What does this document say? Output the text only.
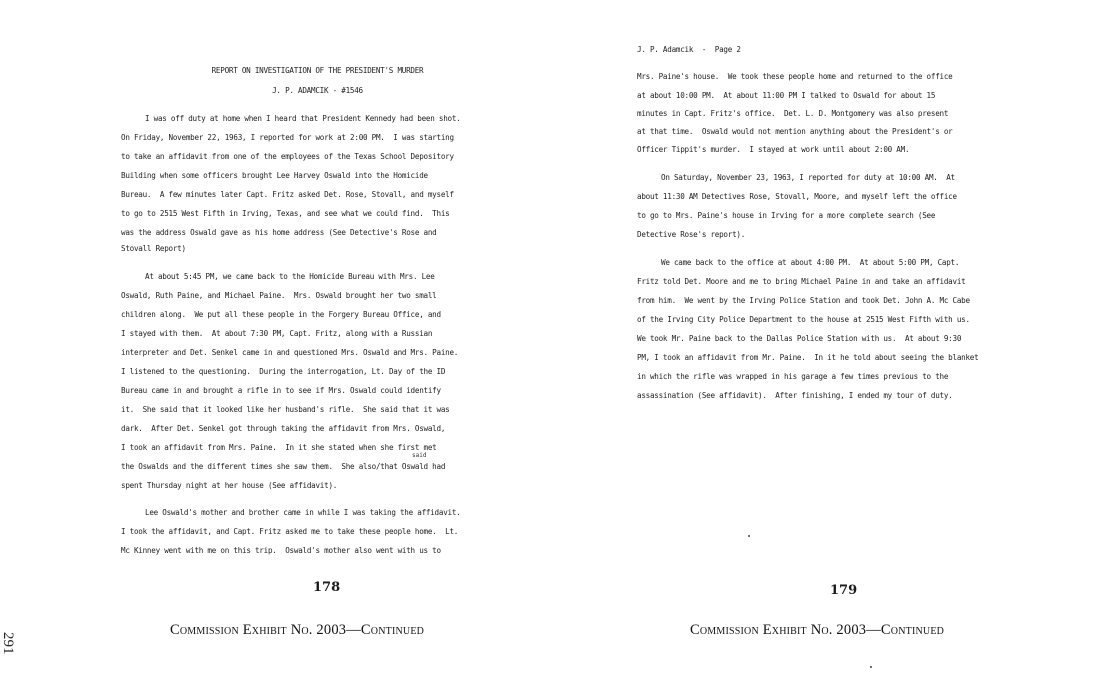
REPORT ON INVESTIGATION OF THE PRESIDENT'S MURDER
J. P. ADAMCIK - #1546
I was off duty at home when I heard that President Kennedy had been shot.
On Friday, November 22, 1963, I reported for work at 2:00 PM.  I was starting
to take an affidavit from one of the employees of the Texas School Depository
Building when some officers brought Lee Harvey Oswald into the Homicide
Bureau.  A few minutes later Capt. Fritz asked Det. Rose, Stovall, and myself
to go to 2515 West Fifth in Irving, Texas, and see what we could find.  This
was the address Oswald gave as his home address (See Detective's Rose and
Stovall Report)
At about 5:45 PM, we came back to the Homicide Bureau with Mrs. Lee
Oswald, Ruth Paine, and Michael Paine.  Mrs. Oswald brought her two small
children along.  We put all these people in the Forgery Bureau Office, and
I stayed with them.  At about 7:30 PM, Capt. Fritz, along with a Russian
interpreter and Det. Senkel came in and questioned Mrs. Oswald and Mrs. Paine.
I listened to the questioning.  During the interrogation, Lt. Day of the ID
Bureau came in and brought a rifle in to see if Mrs. Oswald could identify
it.  She said that it looked like her husband's rifle.  She said that it was
dark.  After Det. Senkel got through taking the affidavit from Mrs. Oswald,
I took an affidavit from Mrs. Paine.  In it she stated when she first met
said
the Oswalds and the different times she saw them.  She also/that Oswald had
spent Thursday night at her house (See affidavit).
Lee Oswald's mother and brother came in while I was taking the affidavit.
I took the affidavit, and Capt. Fritz asked me to take these people home.  Lt.
Mc Kinney went with me on this trip.  Oswald's mother also went with us to
178
Commission Exhibit No. 2003—Continued
291
J. P. Adamcik  -  Page 2
Mrs. Paine's house.  We took these people home and returned to the office
at about 10:00 PM.  At about 11:00 PM I talked to Oswald for about 15
minutes in Capt. Fritz's office.  Det. L. D. Montgomery was also present
at that time.  Oswald would not mention anything about the President's or
Officer Tippit's murder.  I stayed at work until about 2:00 AM.
On Saturday, November 23, 1963, I reported for duty at 10:00 AM.  At
about 11:30 AM Detectives Rose, Stovall, Moore, and myself left the office
to go to Mrs. Paine's house in Irving for a more complete search (See
Detective Rose's report).
We came back to the office at about 4:00 PM.  At about 5:00 PM, Capt.
Fritz told Det. Moore and me to bring Michael Paine in and take an affidavit
from him.  We went by the Irving Police Station and took Det. John A. Mc Cabe
of the Irving City Police Department to the house at 2515 West Fifth with us.
We took Mr. Paine back to the Dallas Police Station with us.  At about 9:30
PM, I took an affidavit from Mr. Paine.  In it he told about seeing the blanket
in which the rifle was wrapped in his garage a few times previous to the
assassination (See affidavit).  After finishing, I ended my tour of duty.
179
Commission Exhibit No. 2003—Continued
